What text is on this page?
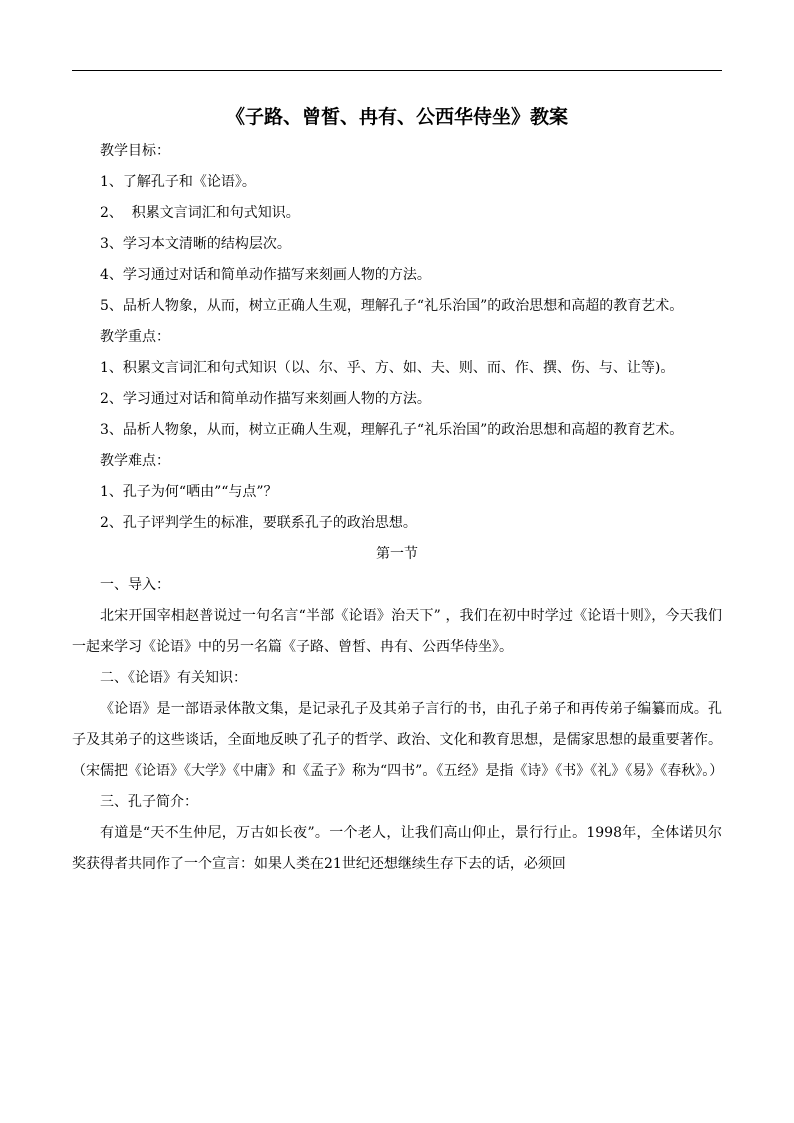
《子路、曾皙、冉有、公西华侍坐》教案

教学目标：

1、了解孔子和《论语》。

2、  积累文言词汇和句式知识。

3、学习本文清晰的结构层次。

4、学习通过对话和简单动作描写来刻画人物的方法。

5、品析人物象，从而，树立正确人生观，理解孔子“礼乐治国”的政治思想和高超的教育艺术。

教学重点：

1、积累文言词汇和句式知识（以、尔、乎、方、如、夫、则、而、作、撰、伤、与、让等)。

2、学习通过对话和简单动作描写来刻画人物的方法。

3、品析人物象，从而，树立正确人生观，理解孔子“礼乐治国”的政治思想和高超的教育艺术。

教学难点：

1、孔子为何“哂由”“与点”？

2、孔子评判学生的标准，要联系孔子的政治思想。

第一节

一、导入：

北宋开国宰相赵普说过一句名言“半部《论语》治天下” ，我们在初中时学过《论语十则》，今天我们一起来学习《论语》中的另一名篇《子路、曾皙、冉有、公西华侍坐》。

二、《论语》有关知识：

《论语》是一部语录体散文集，是记录孔子及其弟子言行的书，由孔子弟子和再传弟子编纂而成。孔子及其弟子的这些谈话，全面地反映了孔子的哲学、政治、文化和教育思想，是儒家思想的最重要著作。（宋儒把《论语》《大学》《中庸》和《孟子》称为“四书”。《五经》是指《诗》《书》《礼》《易》《春秋》。）

三、孔子简介：

有道是“天不生仲尼，万古如长夜”。一个老人，让我们高山仰止，景行行止。1998年，全体诺贝尔奖获得者共同作了一个宣言：如果人类在21世纪还想继续生存下去的话，必须回
